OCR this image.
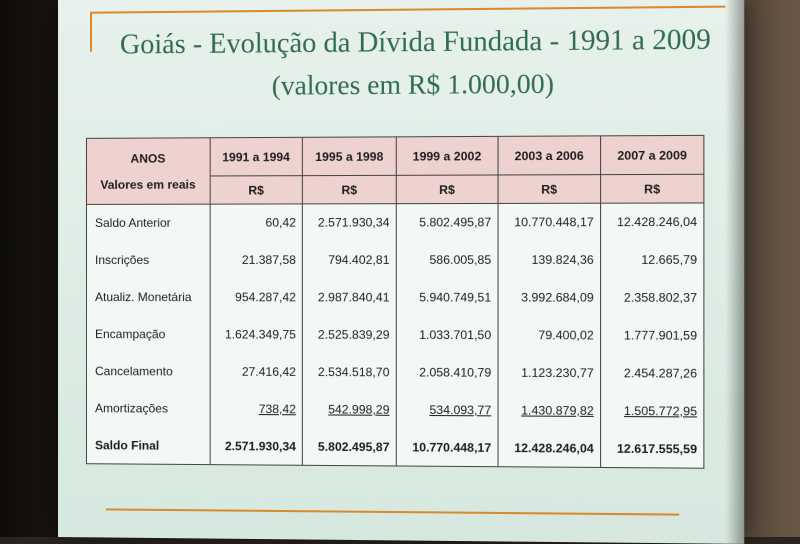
Goiás - Evolução da Dívida Fundada - 1991 a 2009
(valores em R$ 1.000,00)
ANOS
Valores em reais	1991 a 1994	1995 a 1998	1999 a 2002	2003 a 2006	2007 a 2009
	R$	R$	R$	R$	R$
Saldo Anterior	60,42	2.571.930,34	5.802.495,87	10.770.448,17	12.428.246,04
Inscrições	21.387,58	794.402,81	586.005,85	139.824,36	12.665,79
Atualiz. Monetária	954.287,42	2.987.840,41	5.940.749,51	3.992.684,09	2.358.802,37
Encampação	1.624.349,75	2.525.839,29	1.033.701,50	79.400,02	1.777.901,59
Cancelamento	27.416,42	2.534.518,70	2.058.410,79	1.123.230,77	2.454.287,26
Amortizações	738,42	542.998,29	534.093,77	1.430.879,82	1.505.772,95
Saldo Final	2.571.930,34	5.802.495,87	10.770.448,17	12.428.246,04	12.617.555,59
